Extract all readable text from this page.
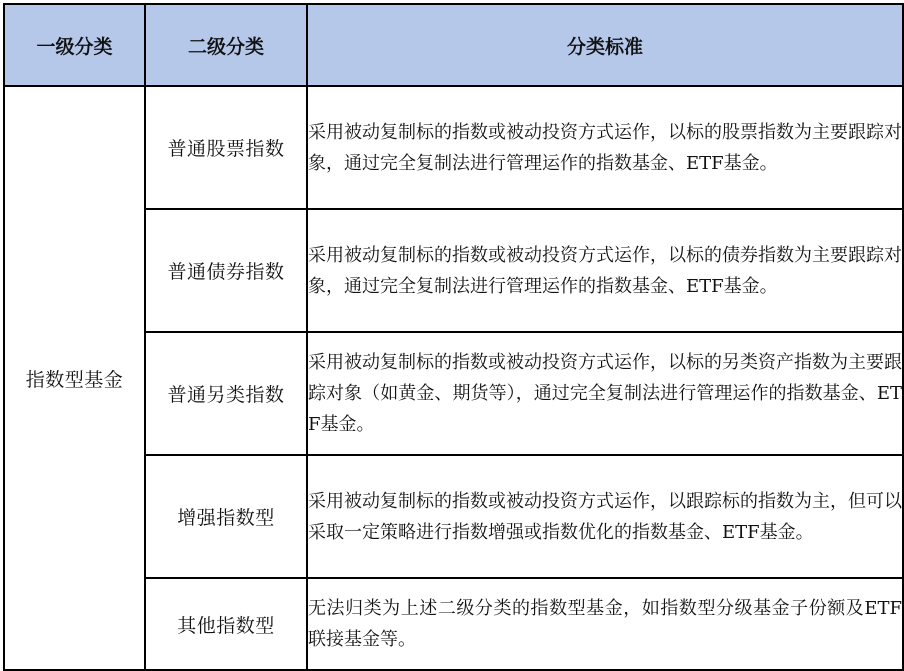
一级分类	二级分类	分类标准
指数型基金	普通股票指数	采用被动复制标的指数或被动投资方式运作，以标的股票指数为主要跟踪对象，通过完全复制法进行管理运作的指数基金、ETF基金。
	普通债券指数	采用被动复制标的指数或被动投资方式运作，以标的债券指数为主要跟踪对象，通过完全复制法进行管理运作的指数基金、ETF基金。
	普通另类指数	采用被动复制标的指数或被动投资方式运作，以标的另类资产指数为主要跟踪对象（如黄金、期货等），通过完全复制法进行管理运作的指数基金、ETF基金。
	增强指数型	采用被动复制标的指数或被动投资方式运作，以跟踪标的指数为主，但可以采取一定策略进行指数增强或指数优化的指数基金、ETF基金。
	其他指数型	无法归类为上述二级分类的指数型基金，如指数型分级基金子份额及ETF联接基金等。
